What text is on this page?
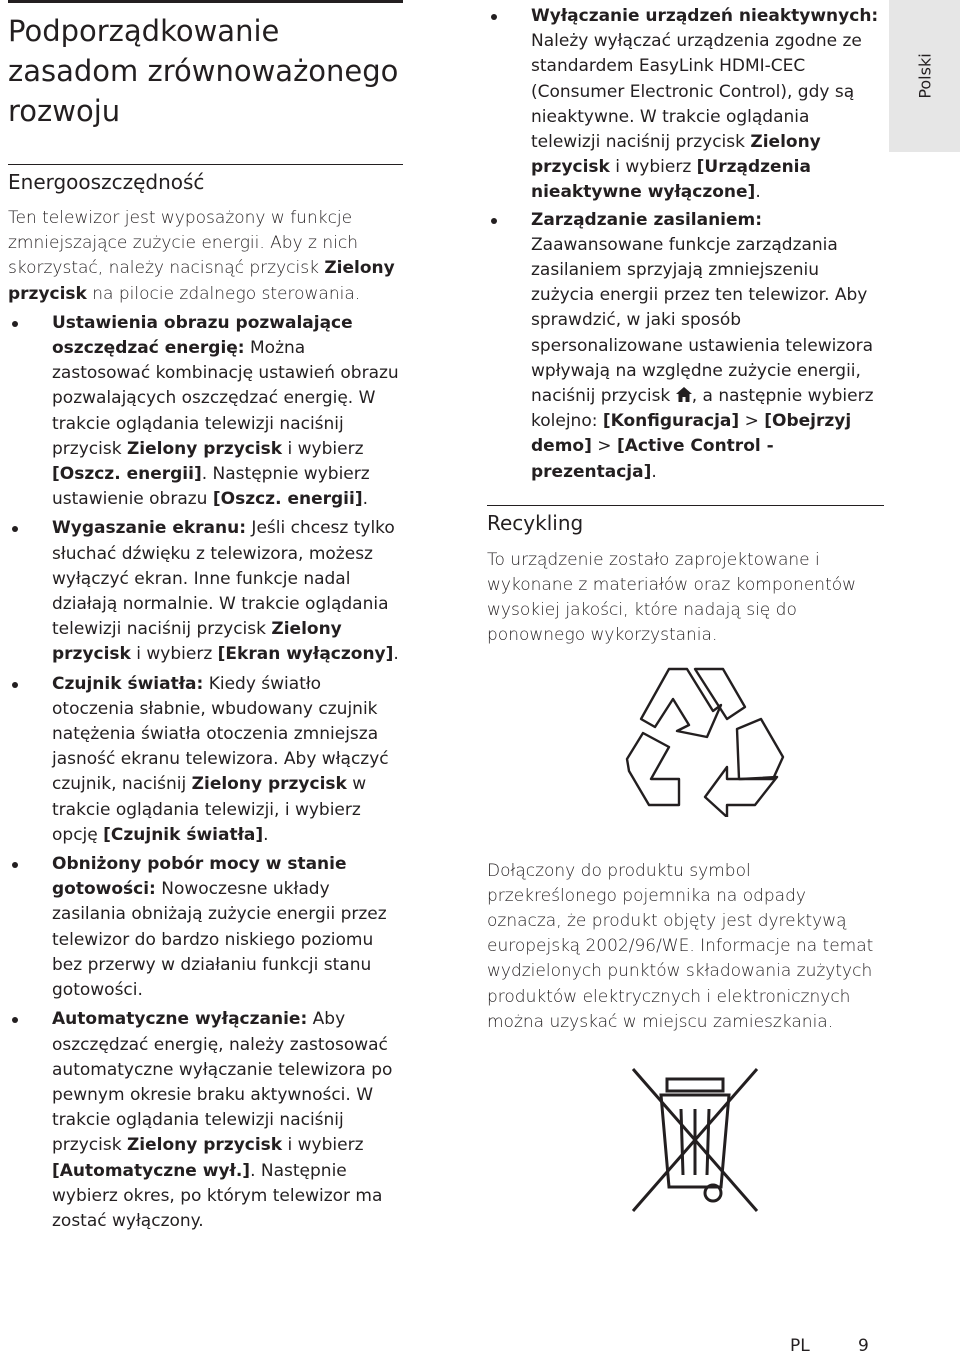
Polski
Podporządkowanie zasadom zrównoważonego rozwoju
Energooszczędność

Ten telewizor jest wyposażony w funkcje zmniejszające zużycie energii. Aby z nich skorzystać, należy nacisnąć przycisk Zielony przycisk na pilocie zdalnego sterowania.

Ustawienia obrazu pozwalające oszczędzać energię: Można zastosować kombinację ustawień obrazu pozwalających oszczędzać energię. W trakcie oglądania telewizji naciśnij przycisk Zielony przycisk i wybierz [Oszcz. energii]. Następnie wybierz ustawienie obrazu [Oszcz. energii].
Wygaszanie ekranu: Jeśli chcesz tylko słuchać dźwięku z telewizora, możesz wyłączyć ekran. Inne funkcje nadal działają normalnie. W trakcie oglądania telewizji naciśnij przycisk Zielony przycisk i wybierz [Ekran wyłączony].
Czujnik światła: Kiedy światło otoczenia słabnie, wbudowany czujnik natężenia światła otoczenia zmniejsza jasność ekranu telewizora. Aby włączyć czujnik, naciśnij Zielony przycisk w trakcie oglądania telewizji, i wybierz opcję [Czujnik światła].
Obniżony pobór mocy w stanie gotowości: Nowoczesne układy zasilania obniżają zużycie energii przez telewizor do bardzo niskiego poziomu bez przerwy w działaniu funkcji stanu gotowości.
Automatyczne wyłączanie: Aby oszczędzać energię, należy zastosować automatyczne wyłączanie telewizora po pewnym okresie braku aktywności. W trakcie oglądania telewizji naciśnij przycisk Zielony przycisk i wybierz [Automatyczne wył.]. Następnie wybierz okres, po którym telewizor ma zostać wyłączony.
Wyłączanie urządzeń nieaktywnych: Należy wyłączać urządzenia zgodne ze standardem EasyLink HDMI-CEC (Consumer Electronic Control), gdy są nieaktywne. W trakcie oglądania telewizji naciśnij przycisk Zielony przycisk i wybierz [Urządzenia nieaktywne wyłączone].
Zarządzanie zasilaniem: Zaawansowane funkcje zarządzania zasilaniem sprzyjają zmniejszeniu zużycia energii przez ten telewizor. Aby sprawdzić, w jaki sposób spersonalizowane ustawienia telewizora wpływają na względne zużycie energii, naciśnij przycisk , a następnie wybierz kolejno: [Konfiguracja] > [Obejrzyj demo] > [Active Control - prezentacja].
Recykling

To urządzenie zostało zaprojektowane i wykonane z materiałów oraz komponentów wysokiej jakości, które nadają się do ponownego wykorzystania.

Dołączony do produktu symbol przekreślonego pojemnika na odpady oznacza, że produkt objęty jest dyrektywą europejską 2002/96/WE. Informacje na temat wydzielonych punktów składowania zużytych produktów elektrycznych i elektronicznych można uzyskać w miejscu zamieszkania.

PL	9
